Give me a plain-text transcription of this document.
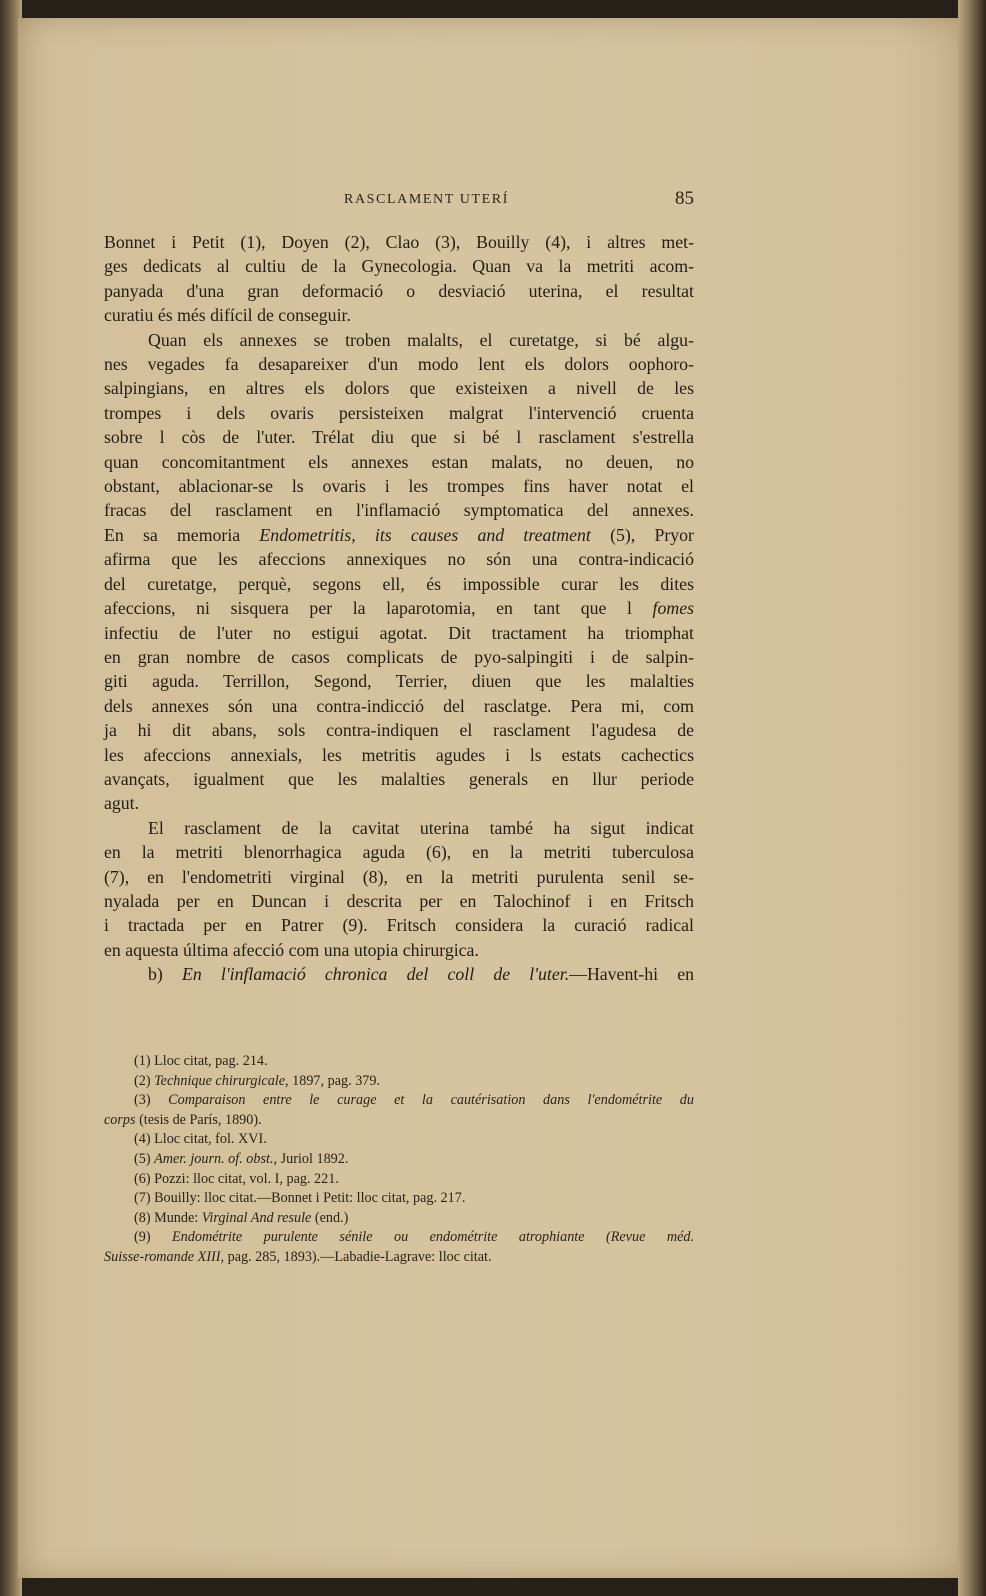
RASCLAMENT UTERÍ	85
Bonnet i Petit (1), Doyen (2), Clao (3), Bouilly (4), i altres met-
ges dedicats al cultiu de la Gynecologia. Quan va la metriti acom-
panyada d'una gran deformació o desviació uterina, el resultat
curatiu és més difícil de conseguir.
Quan els annexes se troben malalts, el curetatge, si bé algu-
nes vegades fa desapareixer d'un modo lent els dolors oophoro-
salpingians, en altres els dolors que existeixen a nivell de les
trompes i dels ovaris persisteixen malgrat l'intervenció cruenta
sobre l còs de l'uter. Trélat diu que si bé l rasclament s'estrella
quan concomitantment els annexes estan malats, no deuen, no
obstant, ablacionar-se ls ovaris i les trompes fins haver notat el
fracas del rasclament en l'inflamació symptomatica del annexes.
En sa memoria Endometritis, its causes and treatment (5), Pryor
afirma que les afeccions annexiques no són una contra-indicació
del curetatge, perquè, segons ell, és impossible curar les dites
afeccions, ni sisquera per la laparotomia, en tant que l fomes
infectiu de l'uter no estigui agotat. Dit tractament ha triomphat
en gran nombre de casos complicats de pyo-salpingiti i de salpin-
giti aguda. Terrillon, Segond, Terrier, diuen que les malalties
dels annexes són una contra-indicció del rasclatge. Pera mi, com
ja hi dit abans, sols contra-indiquen el rasclament l'agudesa de
les afeccions annexials, les metritis agudes i ls estats cachectics
avançats, igualment que les malalties generals en llur periode
agut.
El rasclament de la cavitat uterina també ha sigut indicat
en la metriti blenorrhagica aguda (6), en la metriti tuberculosa
(7), en l'endometriti virginal (8), en la metriti purulenta senil se-
nyalada per en Duncan i descrita per en Talochinof i en Fritsch
i tractada per en Patrer (9). Fritsch considera la curació radical
en aquesta última afecció com una utopia chirurgica.
b) En l'inflamació chronica del coll de l'uter.—Havent-hi en
(1) Lloc citat, pag. 214.
(2) Technique chirurgicale, 1897, pag. 379.
(3) Comparaison entre le curage et la cautérisation dans l'endométrite du
corps (tesis de París, 1890).
(4) Lloc citat, fol. XVI.
(5) Amer. journ. of. obst., Juriol 1892.
(6) Pozzi: lloc citat, vol. I, pag. 221.
(7) Bouilly: lloc citat.—Bonnet i Petit: lloc citat, pag. 217.
(8) Munde: Virginal And resule (end.)
(9) Endométrite purulente sénile ou endométrite atrophiante (Revue méd.
Suisse-romande XIII, pag. 285, 1893).—Labadie-Lagrave: lloc citat.
